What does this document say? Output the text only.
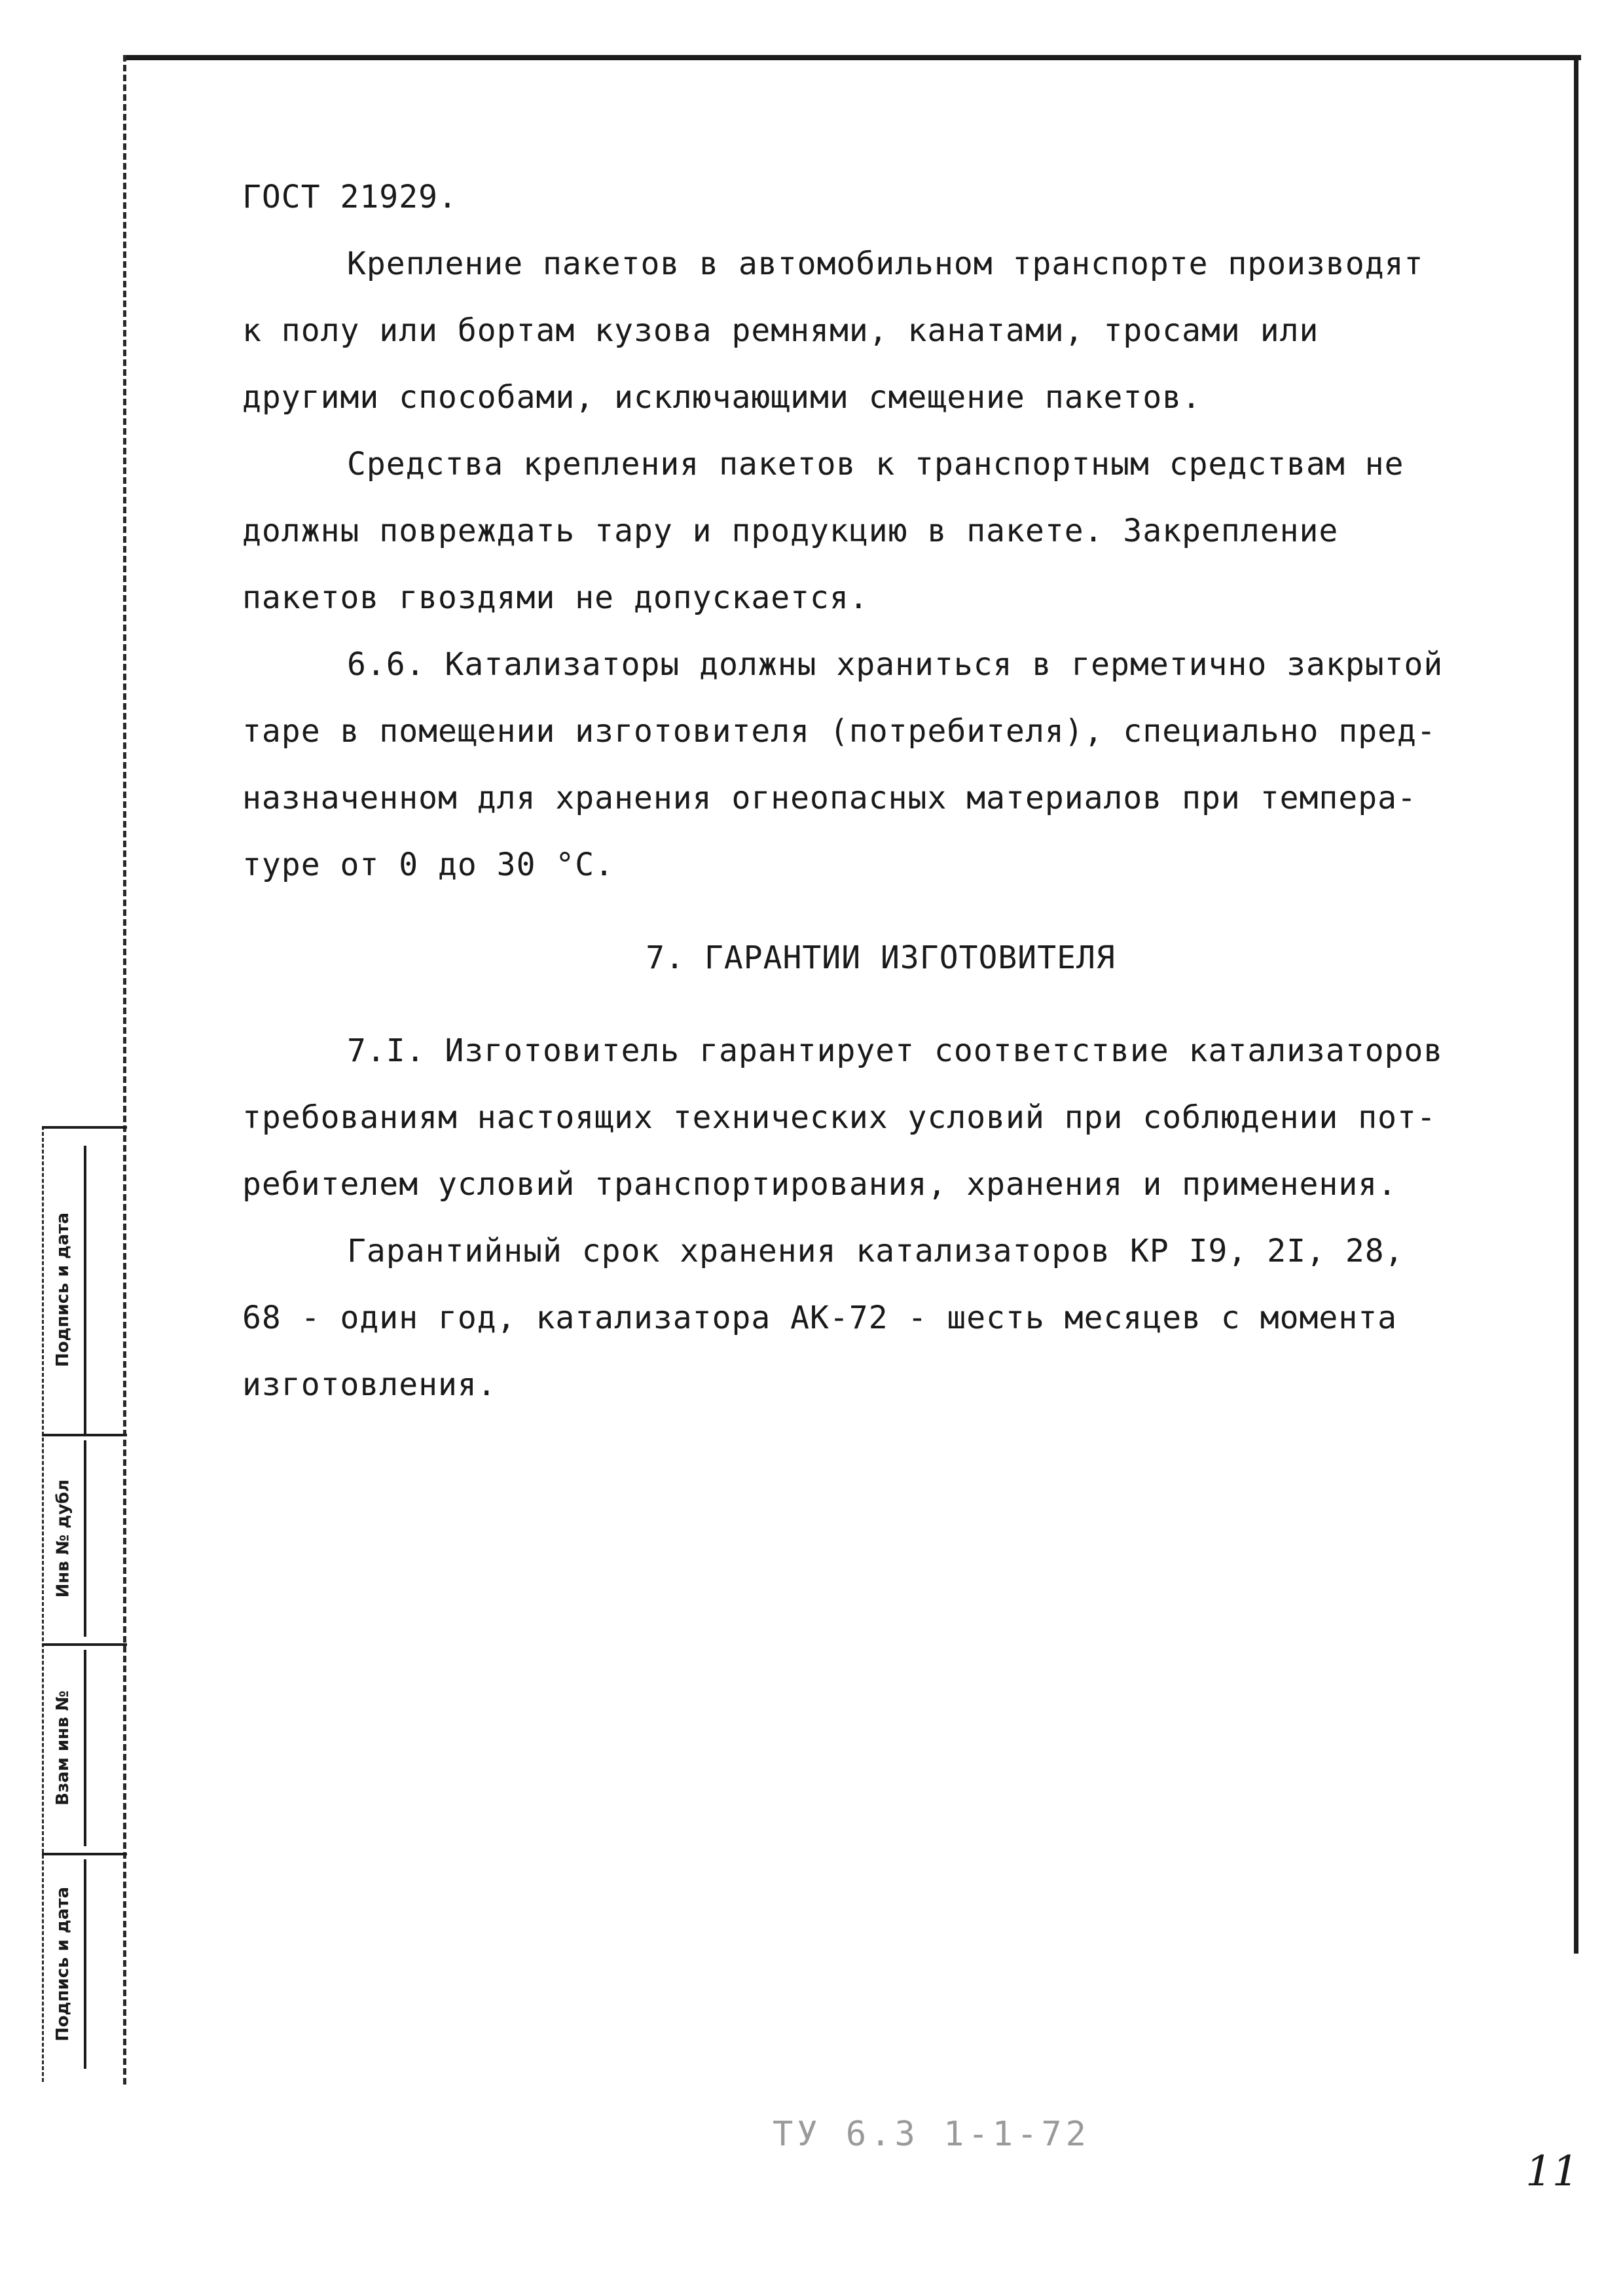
ГОСТ 21929.
Крепление пакетов в автомобильном транспорте производят
к полу или бортам кузова ремнями, канатами, тросами или
другими способами, исключающими смещение пакетов.
Средства крепления пакетов к транспортным средствам не
должны повреждать тару и продукцию в пакете. Закрепление
пакетов гвоздями не допускается.
6.6. Катализаторы должны храниться в герметично закрытой
таре в помещении изготовителя (потребителя), специально пред-
назначенном для хранения огнеопасных материалов при темпера-
туре от 0 до 30 °С.
7. ГАРАНТИИ ИЗГОТОВИТЕЛЯ
7.I. Изготовитель гарантирует соответствие катализаторов
требованиям настоящих технических условий при соблюдении пот-
ребителем условий транспортирования, хранения и применения.
Гарантийный срок хранения катализаторов КР I9, 2I, 28,
68 - один год, катализатора АК-72 - шесть месяцев с момента
изготовления.
Подпись и дата
Инв № дубл
Взам инв №
Подпись и дата
ТУ 6.3 1-1-72
11
